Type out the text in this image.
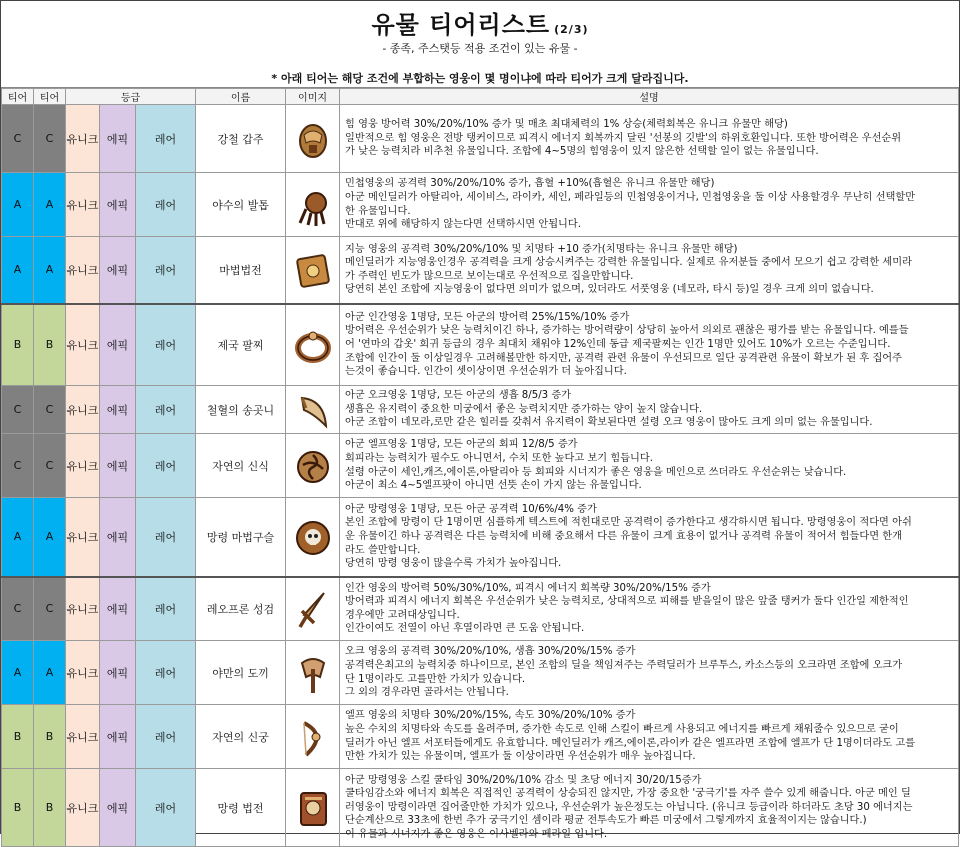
유물 티어리스트 (2/3)
- 종족, 주스탯등 적용 조건이 있는 유물 -
* 아래 티어는 해당 조건에 부합하는 영웅이 몇 명이냐에 따라 티어가 크게 달라집니다.
티어	티어	등급			이름	이미지	설명
C	C	유니크	에픽	레어	강철 갑주		힘 영웅 방어력 30%/20%/10% 증가 및 매초 최대체력의 1% 상승(체력회복은 유니크 유물만 해당)
일반적으로 힘 영웅은 전방 탱커이므로 피격시 에너지 회복까지 달린 '선봉의 깃발'의 하위호환입니다. 또한 방어력은 우선순위
가 낮은 능력치라 비추천 유물입니다. 조합에 4~5명의 힘영웅이 있지 않은한 선택할 일이 없는 유물입니다.

A	A	유니크	에픽	레어	야수의 발톱		민첩영웅의 공격력 30%/20%/10% 증가, 흡혈 +10%(흡혈은 유니크 유물만 해당)
아군 메인딜러가 아탈리아, 세이비스, 라이카, 세인, 페라일등의 민첩영웅이거나, 민첩영웅을 둘 이상 사용할경우 무난히 선택할만
한 유물입니다.
반대로 위에 해당하지 않는다면 선택하시면 안됩니다.

A	A	유니크	에픽	레어	마법법전		지능 영웅의 공격력 30%/20%/10% 및 치명타 +10 증가(치명타는 유니크 유물만 해당)
메인딜러가 지능영웅인경우 공격력을 크게 상승시켜주는 강력한 유물입니다. 실제로 유저분들 중에서 모으기 쉽고 강력한 세미라
가 주력인 빈도가 많으므로 보이는대로 우선적으로 집을만합니다.
당연히 본인 조합에 지능영웅이 없다면 의미가 없으며, 있더라도 서풋영웅 (네모라, 타시 등)일 경우 크게 의미 없습니다.

B	B	유니크	에픽	레어	제국 팔찌		아군 인간영웅 1명당, 모든 아군의 방어력 25%/15%/10% 증가
방어력은 우선순위가 낮은 능력치이긴 하나, 증가하는 방어력량이 상당히 높아서 의외로 괜찮은 평가를 받는 유물입니다. 예를들
어 '연마의 갑옷' 희귀 등급의 경우 최대치 채워야 12%인데 동급 제국팔찌는 인간 1명만 있어도 10%가 오르는 수준입니다.
조합에 인간이 둘 이상일경우 고려해볼만한 하지만, 공격력 관련 유물이 우선되므로 일단 공격관련 유물이 확보가 된 후 집어주
는것이 좋습니다. 인간이 셋이상이면 우선순위가 더 높아집니다.

C	C	유니크	에픽	레어	철혈의 송곳니		아군 오크영웅 1명당, 모든 아군의 생흡 8/5/3 증가
생흡은 유지력이 중요한 미궁에서 좋은 능력치지만 증가하는 양이 높지 않습니다.
아군 조합이 네모라,로만 같은 힐러를 갖춰서 유지력이 확보된다면 설령 오크 영웅이 많아도 크게 의미 없는 유물입니다.

C	C	유니크	에픽	레어	자연의 신식		아군 엘프영웅 1명당, 모든 아군의 회피 12/8/5 증가
회피라는 능력치가 필수도 아니면서, 수치 또한 높다고 보기 힘듭니다.
설령 아군이 세인,캐즈,에이론,아탈리아 등 회피와 시너지가 좋은 영웅을 메인으로 쓰더라도 우선순위는 낮습니다.
아군이 최소 4~5엘프팟이 아니면 선뜻 손이 가지 않는 유물입니다.

A	A	유니크	에픽	레어	망령 마법구슬		아군 망령영웅 1명당, 모든 아군 공격력 10/6%/4% 증가
본인 조합에 망령이 단 1명이면 심플하게 텍스트에 적힌대로만 공격력이 증가한다고 생각하시면 됩니다. 망령영웅이 적다면 아쉬
운 유물이긴 하나 공격력은 다른 능력치에 비해 중요해서 다른 유물이 크게 효용이 없거나 공격력 유물이 적어서 힘들다면 한개
라도 쓸만합니다.
당연히 망령 영웅이 많을수록 가치가 높아집니다.

C	C	유니크	에픽	레어	레오프론 성검		인간 영웅의 방어력 50%/30%/10%, 피격시 에너지 회복량 30%/20%/15% 증가
방어력과 피격시 에너지 회복은 우선순위가 낮은 능력치로, 상대적으로 피해를 받을일이 많은 앞줄 탱커가 둘다 인간일 제한적인
경우에만 고려대상입니다.
인간이여도 전열이 아닌 후열이라면 큰 도움 안됩니다.

A	A	유니크	에픽	레어	야만의 도끼		오크 영웅의 공격력 30%/20%/10%, 생흡 30%/20%/15% 증가
공격력은최고의 능력치중 하나이므로, 본인 조합의 딜을 책임져주는 주력딜러가 브루투스, 카소스등의 오크라면 조합에 오크가
단 1명이라도 고를만한 가치가 있습니다.
그 외의 경우라면 골라서는 안됩니다.

B	B	유니크	에픽	레어	자연의 신궁		엘프 영웅의 치명타 30%/20%/15%, 속도 30%/20%/10% 증가
높은 수치의 치명타와 속도를 올려주며, 증가한 속도로 인해 스킬이 빠르게 사용되고 에너지를 빠르게 채워줄수 있으므로 굳이
딜러가 아닌 엘프 서포터들에게도 유효합니다. 메인딜러가 캐즈,에이론,라이카 같은 엘프라면 조합에 엘프가 단 1명이더라도 고를
만한 가치가 있는 유물이며, 엘프가 둘 이상이라면 우선순위가 매우 높아집니다.

B	B	유니크	에픽	레어	망령 법전		아군 망령영웅 스킬 쿨타임 30%/20%/10% 감소 및 초당 에너지 30/20/15증가
쿨타임감소와 에너지 회복은 직접적인 공격력이 상승되진 않지만, 가장 중요한 '궁극기'를 자주 쓸수 있게 해줍니다. 아군 메인 딜
러영웅이 망령이라면 집어줄만한 가치가 있으나, 우선순위가 높은정도는 아닙니다. (유니크 등급이라 하더라도 초당 30 에너지는
단순계산으로 33초에 한번 추가 궁극기인 셈이라 평균 전투속도가 빠른 미궁에서 그렇게까지 효율적이지는 않습니다.)
이 유물과 시너지가 좋은 영웅은 이사벨라와 페라일 입니다.
